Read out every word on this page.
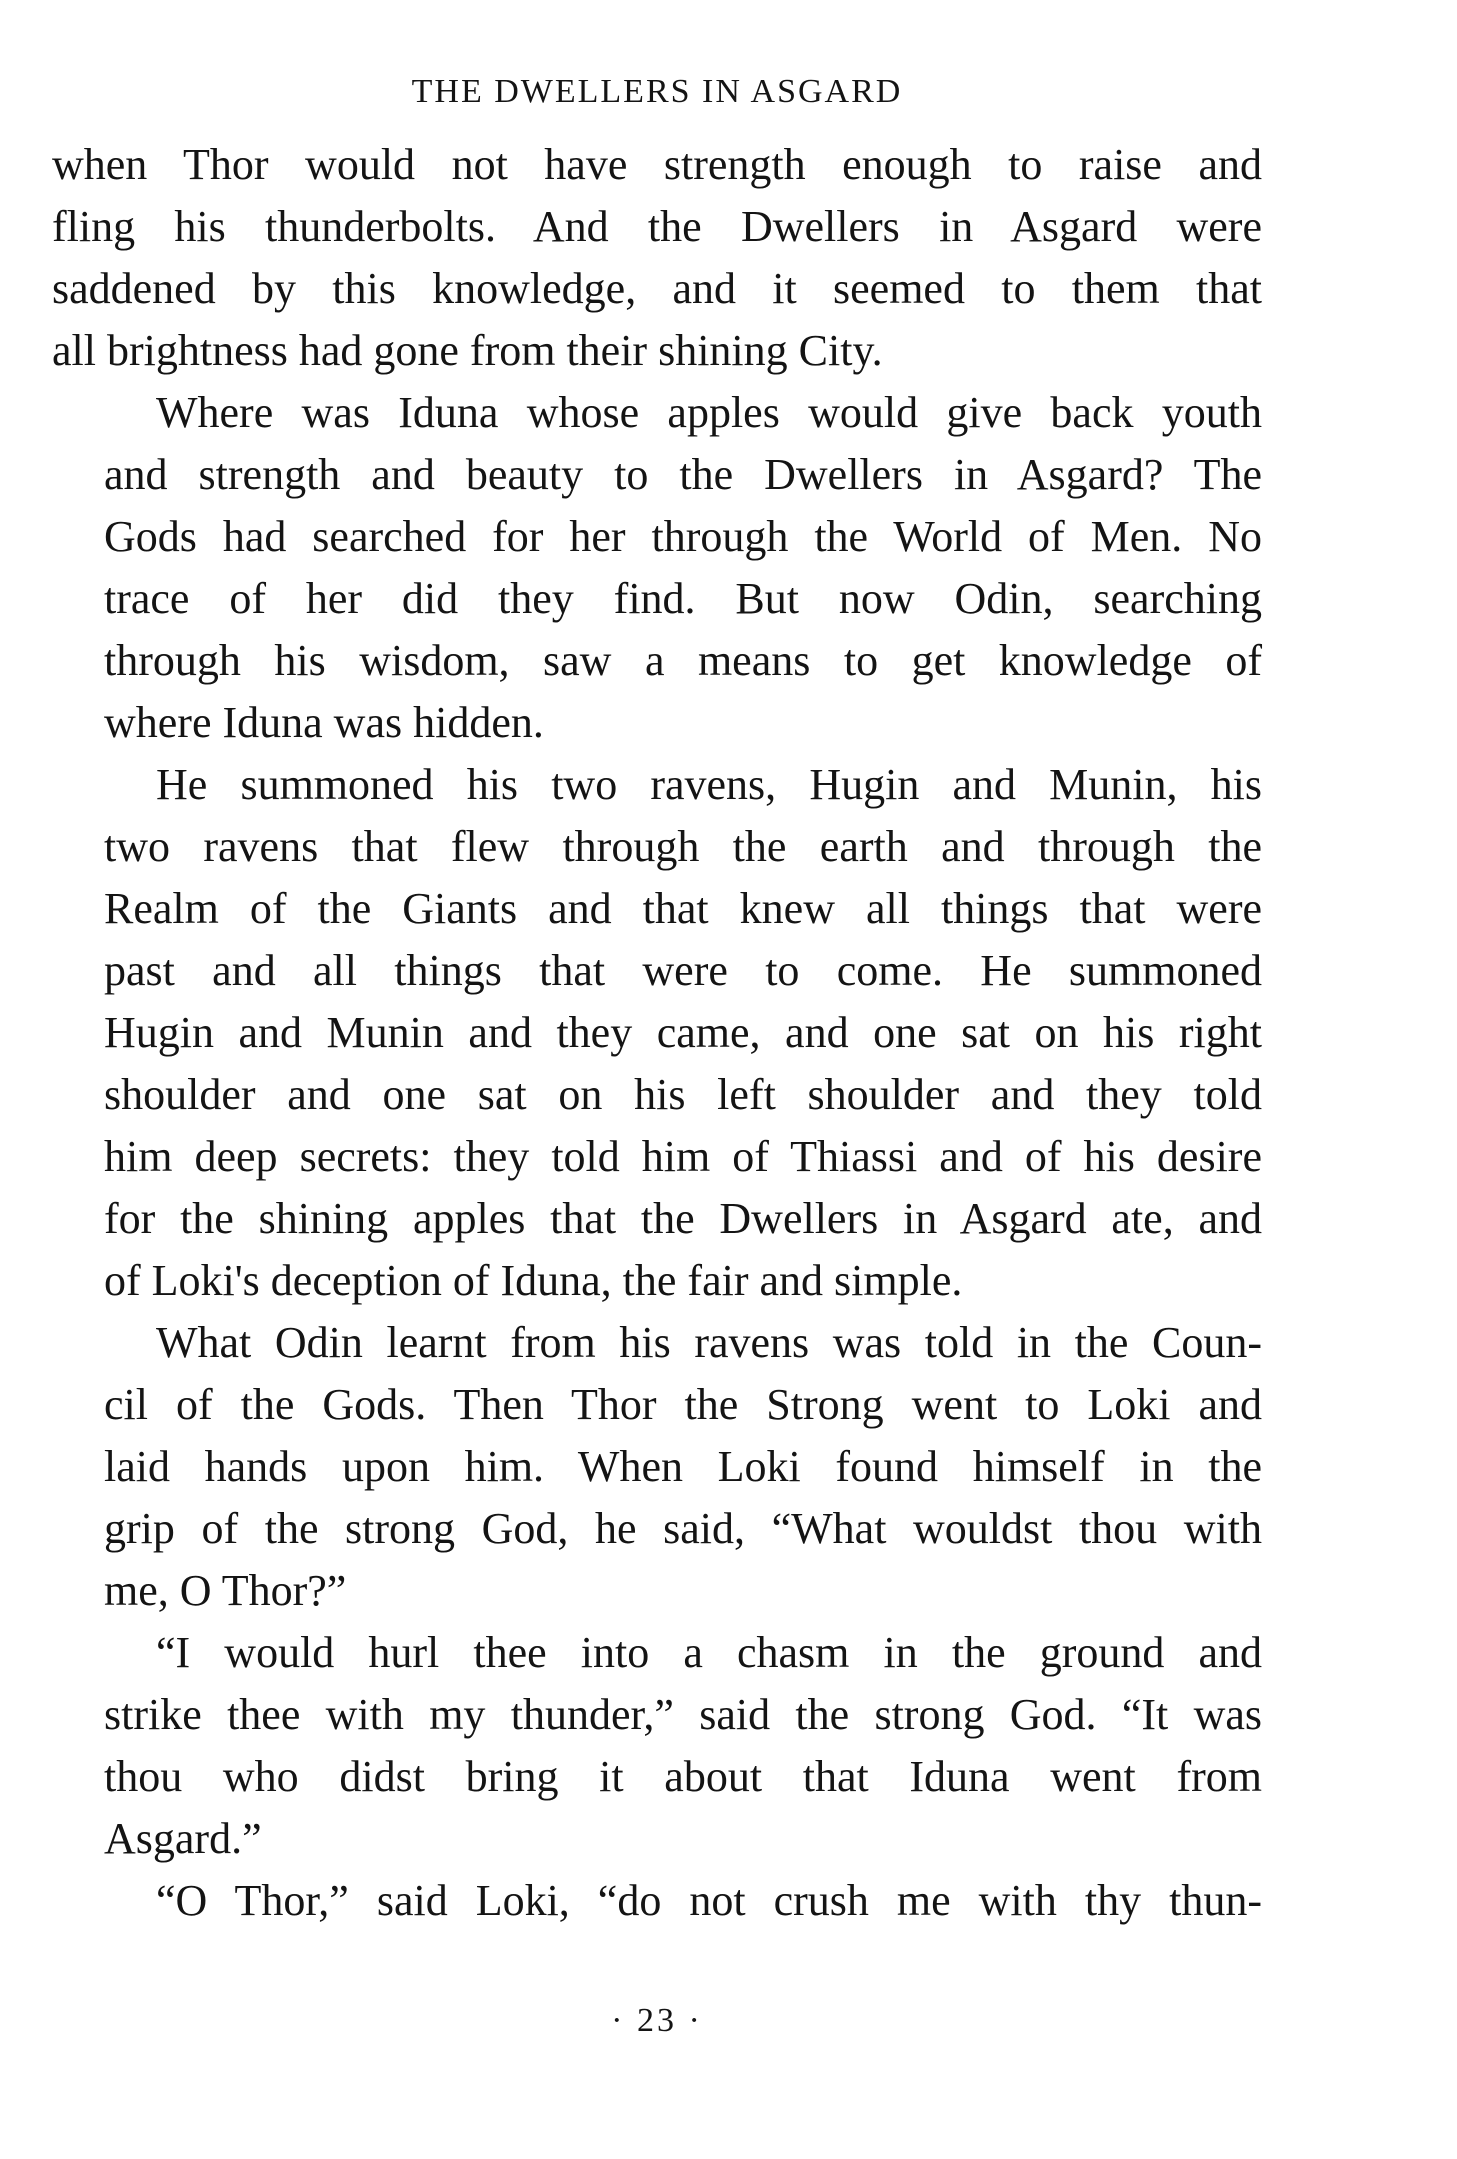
THE DWELLERS IN ASGARD
when Thor would not have strength enough to raise and
fling his thunderbolts. And the Dwellers in Asgard were
saddened by this knowledge, and it seemed to them that
all brightness had gone from their shining City.
Where was Iduna whose apples would give back youth
and strength and beauty to the Dwellers in Asgard? The
Gods had searched for her through the World of Men. No
trace of her did they find. But now Odin, searching
through his wisdom, saw a means to get knowledge of
where Iduna was hidden.
He summoned his two ravens, Hugin and Munin, his
two ravens that flew through the earth and through the
Realm of the Giants and that knew all things that were
past and all things that were to come. He summoned
Hugin and Munin and they came, and one sat on his right
shoulder and one sat on his left shoulder and they told
him deep secrets: they told him of Thiassi and of his desire
for the shining apples that the Dwellers in Asgard ate, and
of Loki's deception of Iduna, the fair and simple.
What Odin learnt from his ravens was told in the Coun-
cil of the Gods. Then Thor the Strong went to Loki and
laid hands upon him. When Loki found himself in the
grip of the strong God, he said, “What wouldst thou with
me, O Thor?”
“I would hurl thee into a chasm in the ground and
strike thee with my thunder,” said the strong God. “It was
thou who didst bring it about that Iduna went from
Asgard.”
“O Thor,” said Loki, “do not crush me with thy thun-
· 23 ·
